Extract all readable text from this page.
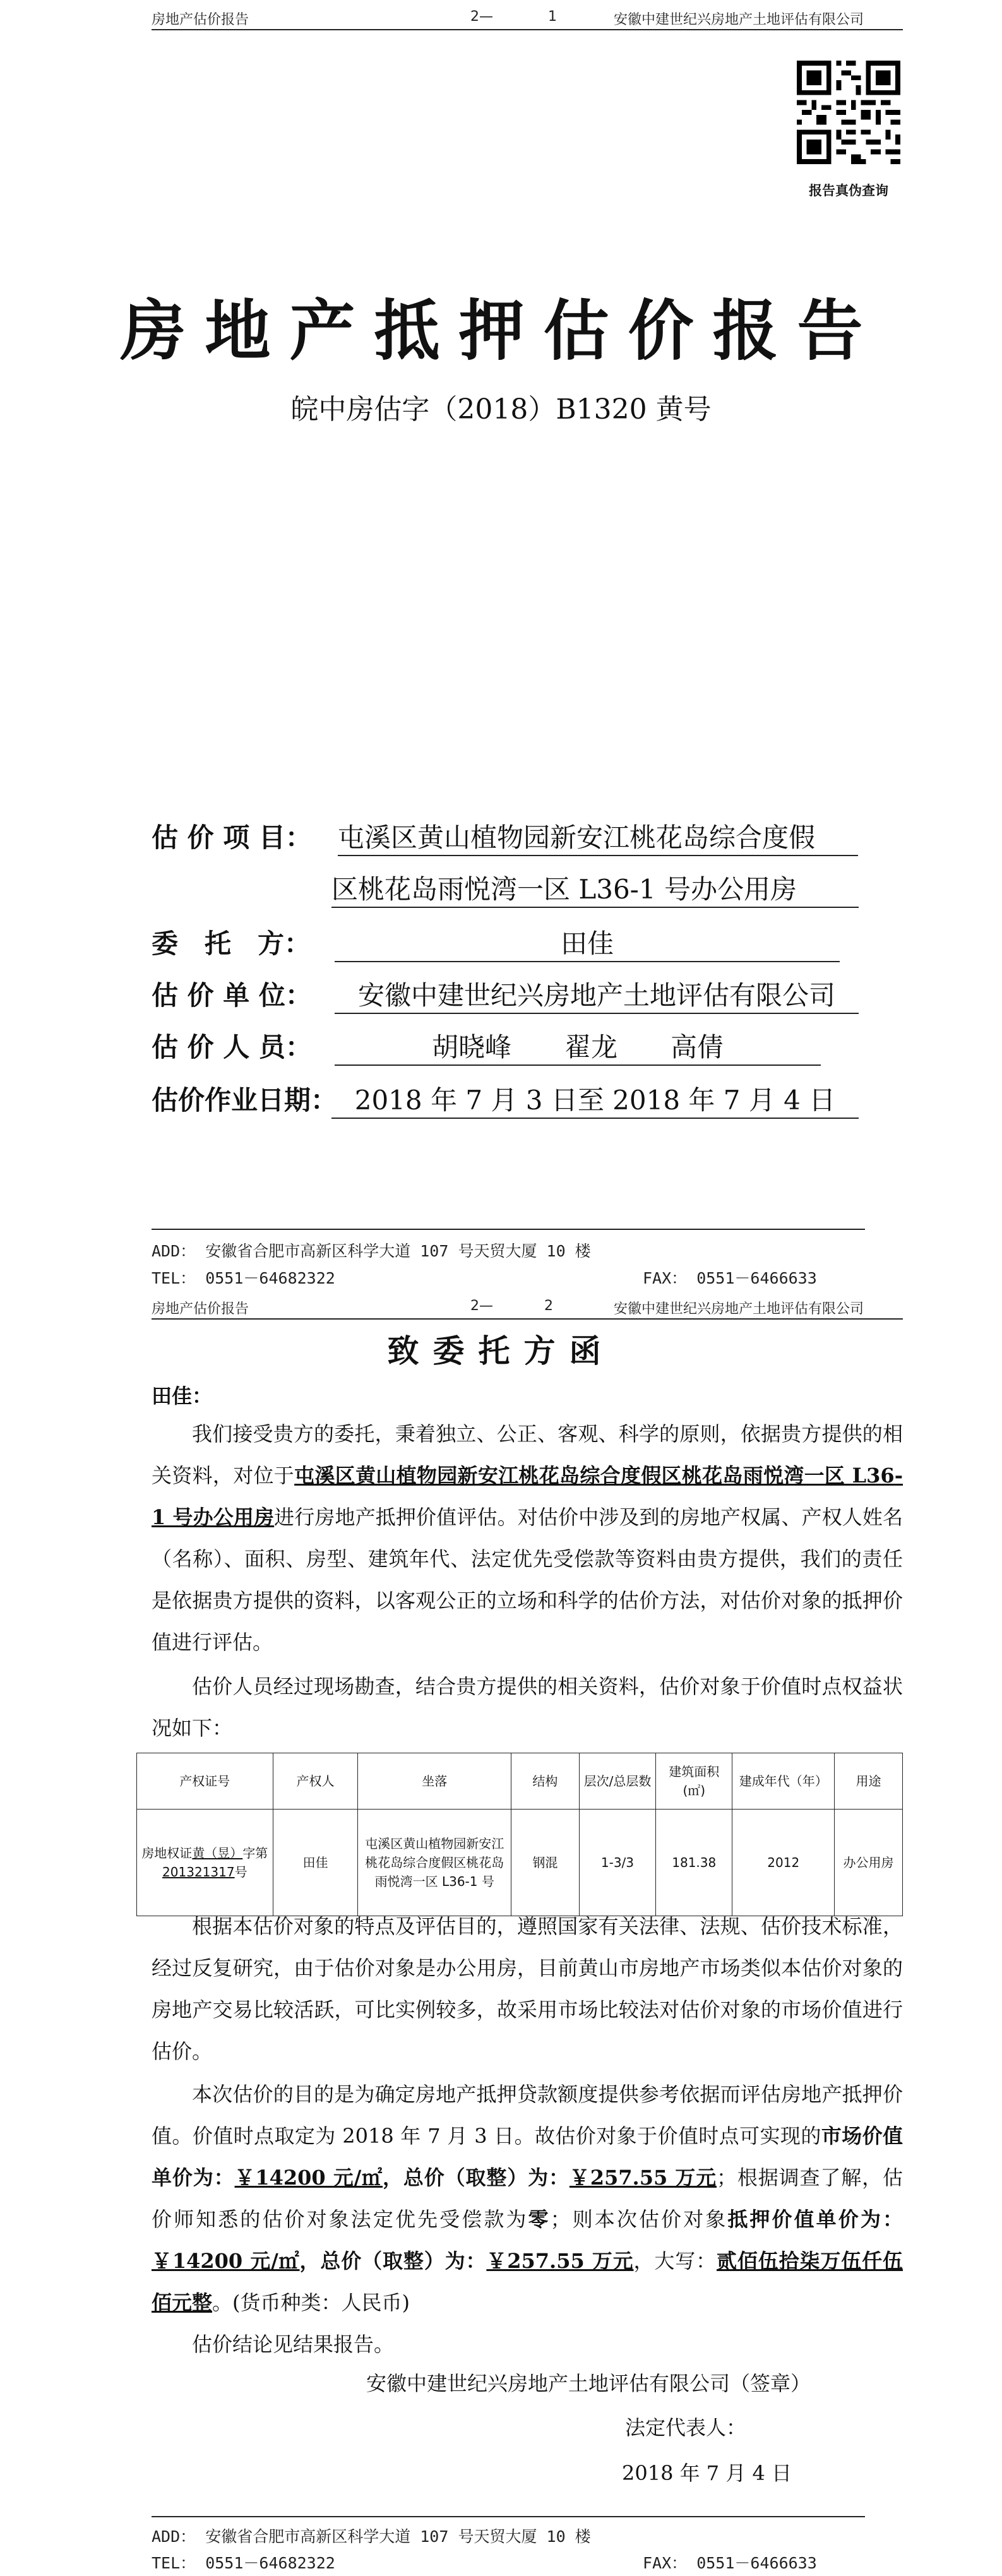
房地产估价报告	2—	1	安徽中建世纪兴房地产土地评估有限公司
报告真伪查询
房地产抵押估价报告
皖中房估字（2018）B1320 黄号
估 价 项 目： 屯溪区黄山植物园新安江桃花岛综合度假
区桃花岛雨悦湾一区 L36-1 号办公用房
委　托　方：	田佳
估 价 单 位：	安徽中建世纪兴房地产土地评估有限公司
估 价 人 员：	胡晓峰　　翟龙　　高倩
估价作业日期： 2018 年 7 月 3 日至 2018 年 7 月 4 日
ADD： 安徽省合肥市高新区科学大道 107 号天贸大厦 10 楼
TEL： 0551－64682322	FAX： 0551－6466633
房地产估价报告	2—	2	安徽中建世纪兴房地产土地评估有限公司
致委托方函
田佳：
我们接受贵方的委托，秉着独立、公正、客观、科学的原则，依据贵方提供的相关资料，对位于屯溪区黄山植物园新安江桃花岛综合度假区桃花岛雨悦湾一区 L36-1 号办公用房进行房地产抵押价值评估。对估价中涉及到的房地产权属、产权人姓名（名称）、面积、房型、建筑年代、法定优先受偿款等资料由贵方提供，我们的责任是依据贵方提供的资料，以客观公正的立场和科学的估价方法，对估价对象的抵押价值进行评估。
估价人员经过现场勘查，结合贵方提供的相关资料，估价对象于价值时点权益状况如下：
产权证号	产权人	坐落	结构	层次/总层数	建筑面积(㎡)	建成年代（年）	用途
房地权证黄（昱）字第
201321317号	田佳	屯溪区黄山植物园新安江桃花岛综合度假区桃花岛雨悦湾一区 L36-1 号	钢混	1-3/3	181.38	2012	办公用房
根据本估价对象的特点及评估目的，遵照国家有关法律、法规、估价技术标准，经过反复研究，由于估价对象是办公用房，目前黄山市房地产市场类似本估价对象的房地产交易比较活跃，可比实例较多，故采用市场比较法对估价对象的市场价值进行估价。
本次估价的目的是为确定房地产抵押贷款额度提供参考依据而评估房地产抵押价值。价值时点取定为 2018 年 7 月 3 日。故估价对象于价值时点可实现的市场价值单价为：￥14200 元/㎡，总价（取整）为：￥257.55 万元；根据调查了解，估价师知悉的估价对象法定优先受偿款为零；则本次估价对象抵押价值单价为：￥14200 元/㎡，总价（取整）为：￥257.55 万元，大写：贰佰伍拾柒万伍仟伍佰元整。(货币种类：人民币)
估价结论见结果报告。
安徽中建世纪兴房地产土地评估有限公司（签章）
法定代表人：
2018 年 7 月 4 日
ADD： 安徽省合肥市高新区科学大道 107 号天贸大厦 10 楼
TEL： 0551－64682322	FAX： 0551－6466633
